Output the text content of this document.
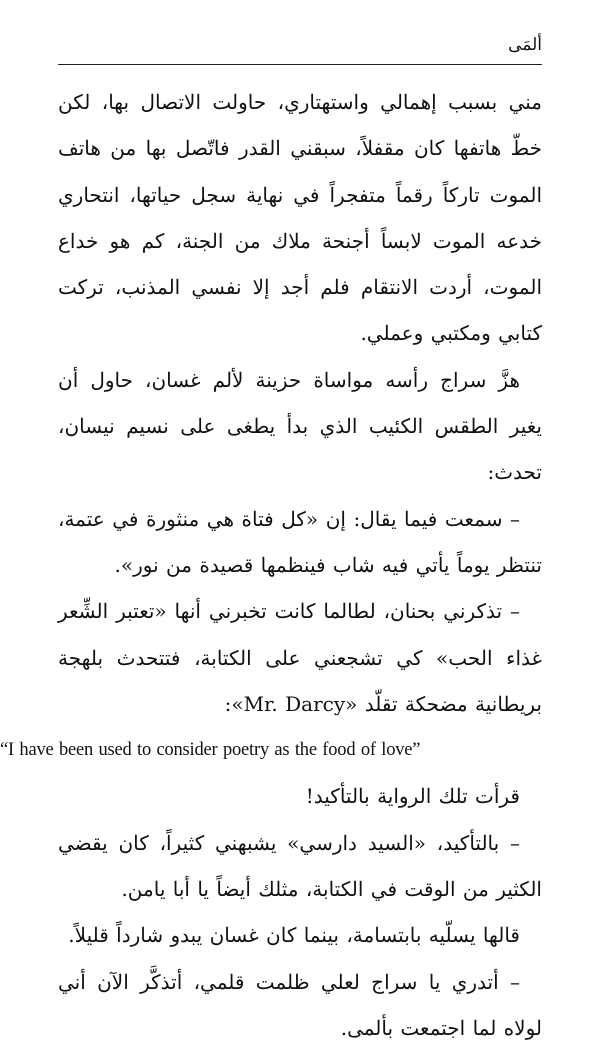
ألمَى

مني بسبب إهمالي واستهتاري، حاولت الاتصال بها، لكن خطّ هاتفها كان مقفلاً، سبقني القدر فاتّصل بها من هاتف الموت تاركاً رقماً متفجراً في نهاية سجل حياتها، انتحاري خدعه الموت لابساً أجنحة ملاك من الجنة، كم هو خداع الموت، أردت الانتقام فلم أجد إلا نفسي المذنب، تركت كتابي ومكتبي وعملي.

هزَّ سراج رأسه مواساة حزينة لألم غسان، حاول أن يغير الطقس الكئيب الذي بدأ يطغى على نسيم نيسان، تحدث:

– سمعت فيما يقال: إن «كل فتاة هي منثورة في عتمة، تنتظر يوماً يأتي فيه شاب فينظمها قصيدة من نور».

– تذكرني بحنان، لطالما كانت تخبرني أنها «تعتبر الشِّعر غذاء الحب» كي تشجعني على الكتابة، فتتحدث بلهجة بريطانية مضحكة تقلّد «Mr. Darcy»:

“I have been used to consider poetry as the food of love”

قرأت تلك الرواية بالتأكيد!

– بالتأكيد، «السيد دارسي» يشبهني كثيراً، كان يقضي الكثير من الوقت في الكتابة، مثلك أيضاً يا أبا يامن.

قالها يسلّيه بابتسامة، بينما كان غسان يبدو شارداً قليلاً.

– أتدري يا سراج لعلي ظلمت قلمي، أتذكَّر الآن أني لولاه لما اجتمعت بألمى.
